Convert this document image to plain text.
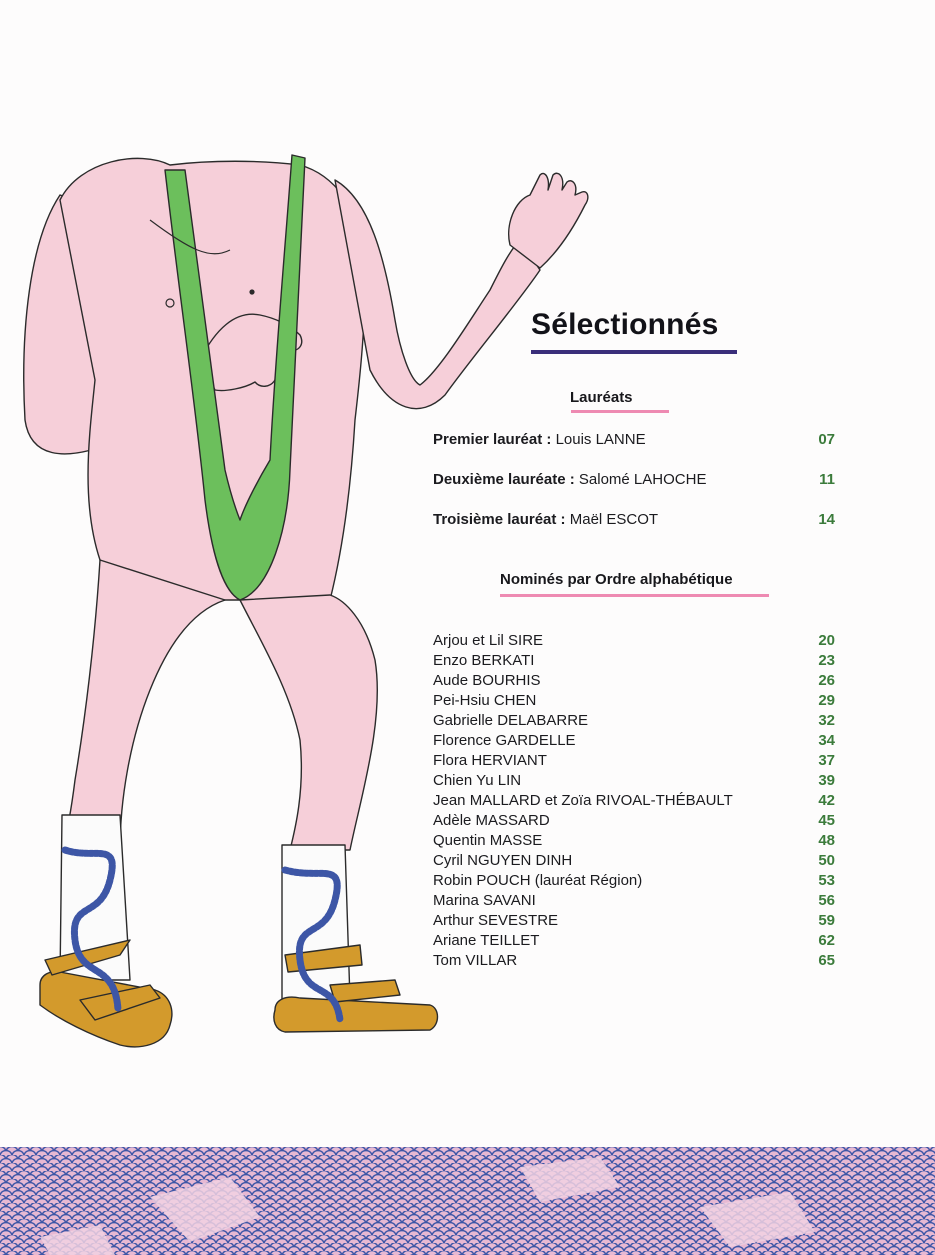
Sélectionnés
Lauréats
Premier lauréat : Louis LANNE	07
Deuxième lauréate : Salomé LAHOCHE	11
Troisième lauréat : Maël ESCOT	14
Nominés par Ordre alphabétique
Arjou et Lil SIRE	20
Enzo BERKATI	23
Aude BOURHIS	26
Pei-Hsiu CHEN	29
Gabrielle DELABARRE	32
Florence GARDELLE	34
Flora HERVIANT	37
Chien Yu LIN	39
Jean MALLARD et Zoïa RIVOAL-THÉBAULT	42
Adèle MASSARD	45
Quentin MASSE	48
Cyril NGUYEN DINH	50
Robin POUCH (lauréat Région)	53
Marina SAVANI	56
Arthur SEVESTRE	59
Ariane TEILLET	62
Tom VILLAR	65
